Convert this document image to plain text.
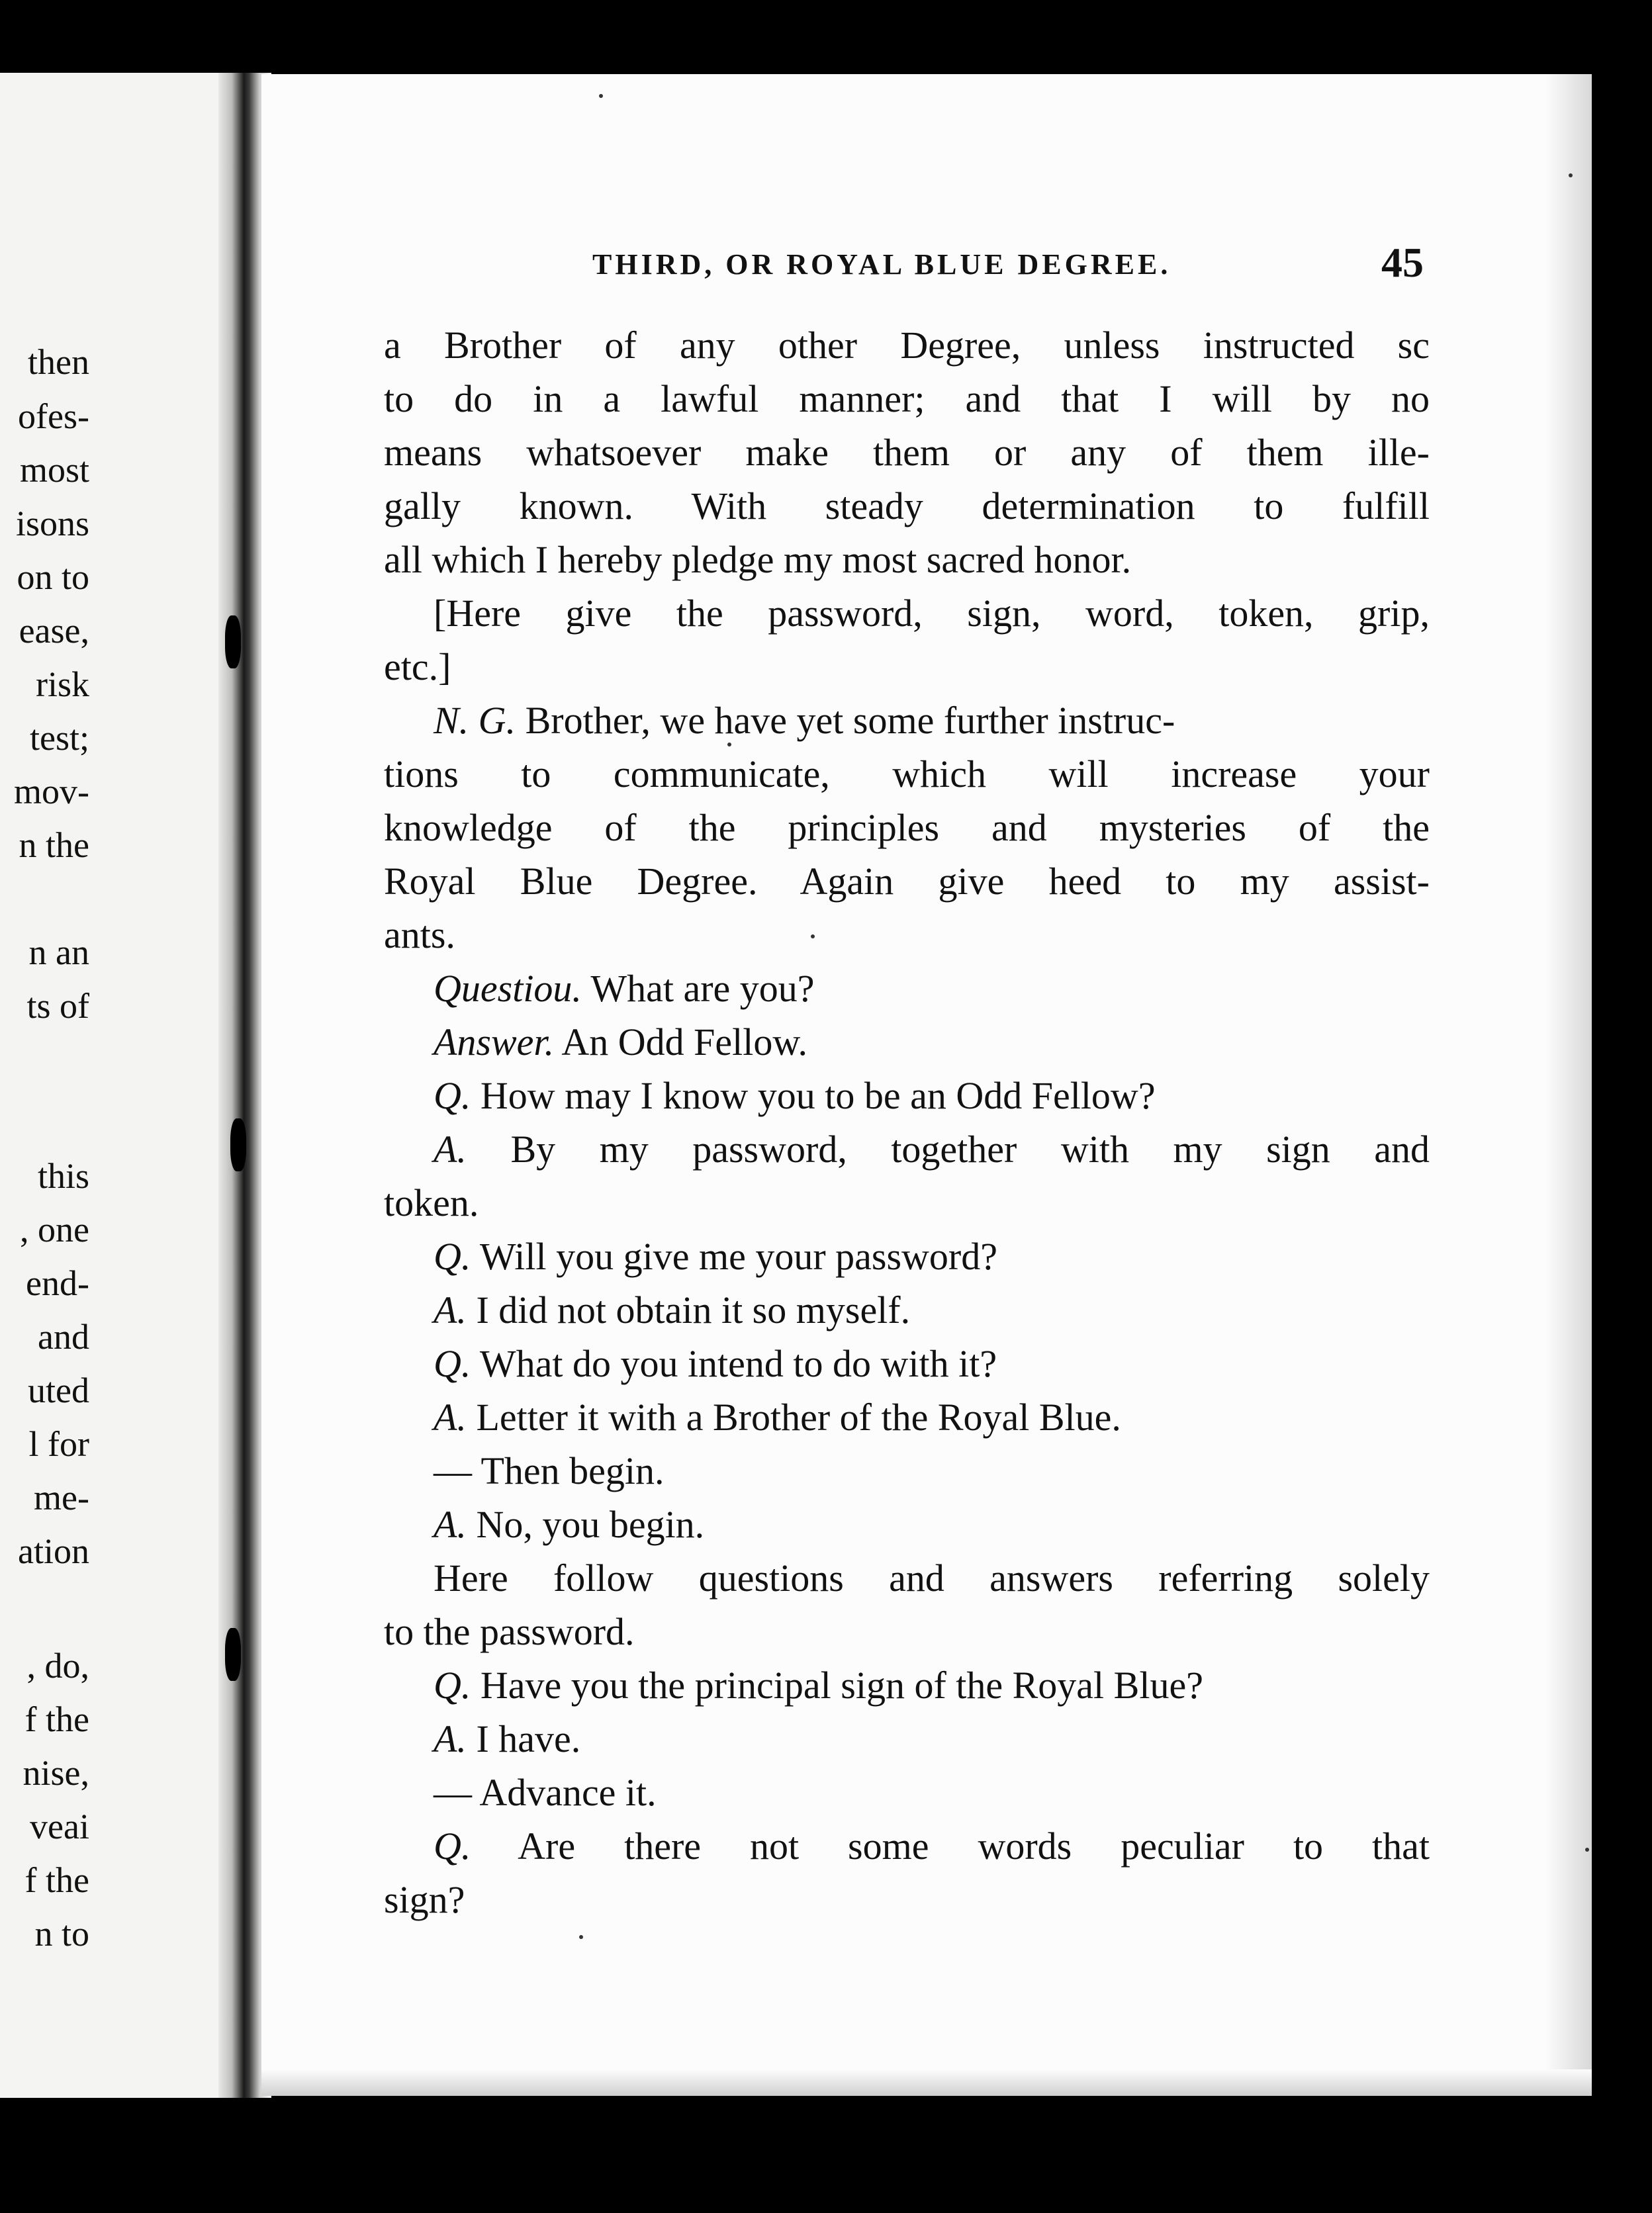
then
ofes-
most
isons
on to
ease,
risk
test;
mov-
n the
n an
ts of
this
, one
end-
and
uted
l for
me-
ation
, do,
f the
nise,
veai
f the
n to
THIRD, OR ROYAL BLUE DEGREE.	45
a Brother of any other Degree, unless instructed sc
to do in a lawful manner; and that I will by no
means whatsoever make them or any of them ille-
gally known. With steady determination to fulfill
all which I hereby pledge my most sacred honor.
[Here give the password, sign, word, token, grip,
etc.]
N. G. Brother, we have yet some further instruc-
tions to communicate, which will increase your
knowledge of the principles and mysteries of the
Royal Blue Degree. Again give heed to my assist-
ants.
Questiou. What are you?
Answer. An Odd Fellow.
Q. How may I know you to be an Odd Fellow?
A. By my password, together with my sign and
token.
Q. Will you give me your password?
A. I did not obtain it so myself.
Q. What do you intend to do with it?
A. Letter it with a Brother of the Royal Blue.
— Then begin.
A. No, you begin.
Here follow questions and answers referring solely
to the password.
Q. Have you the principal sign of the Royal Blue?
A. I have.
— Advance it.
Q. Are there not some words peculiar to that
sign?
